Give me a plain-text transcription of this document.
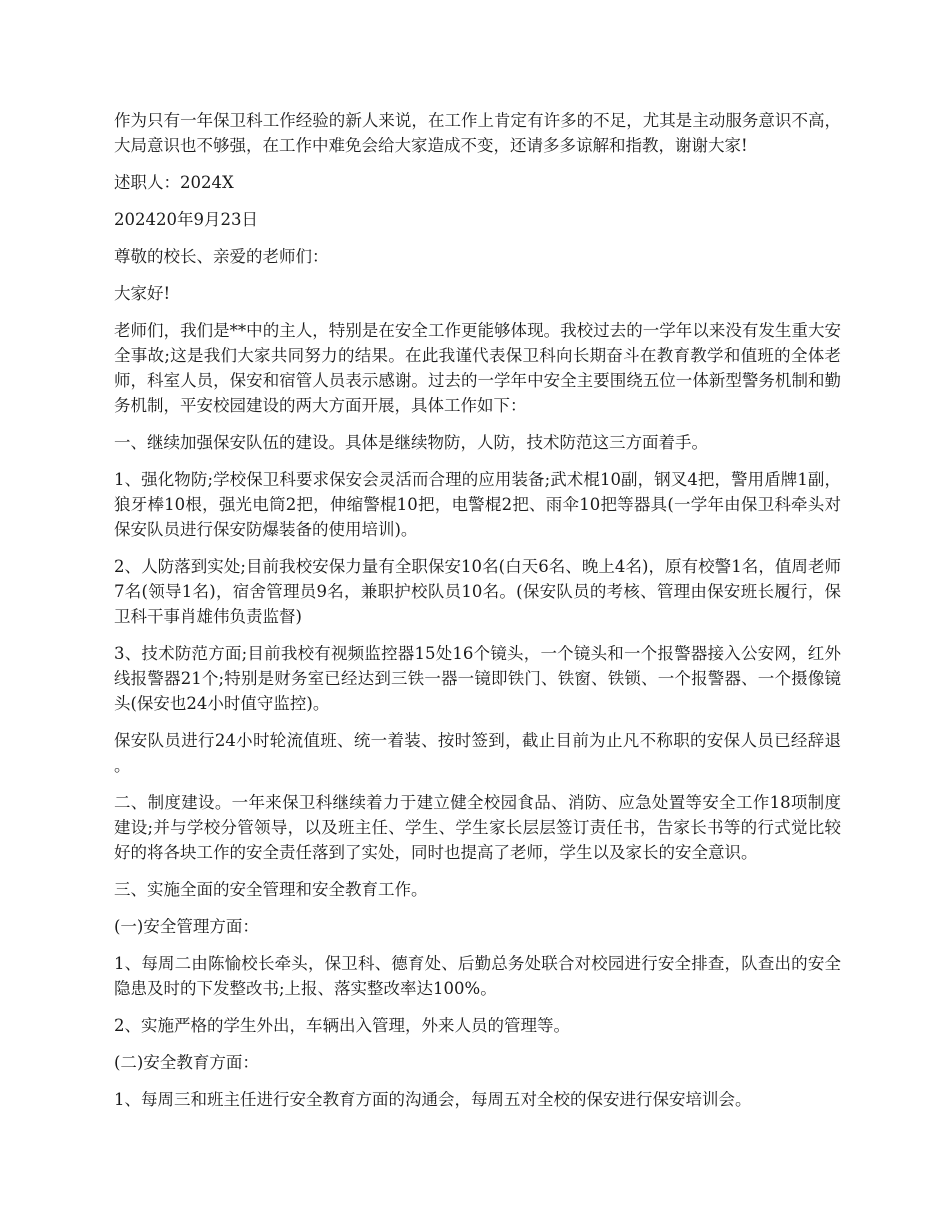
作为只有一年保卫科工作经验的新人来说，在工作上肯定有许多的不足，尤其是主动服务意识不高，大局意识也不够强，在工作中难免会给大家造成不变，还请多多谅解和指教，谢谢大家!

述职人：2024X

202420年9月23日

尊敬的校长、亲爱的老师们：

大家好!

老师们，我们是**中的主人，特别是在安全工作更能够体现。我校过去的一学年以来没有发生重大安全事故;这是我们大家共同努力的结果。在此我谨代表保卫科向长期奋斗在教育教学和值班的全体老师，科室人员，保安和宿管人员表示感谢。过去的一学年中安全主要围绕五位一体新型警务机制和勤务机制，平安校园建设的两大方面开展，具体工作如下：

一、继续加强保安队伍的建设。具体是继续物防，人防，技术防范这三方面着手。

1、强化物防;学校保卫科要求保安会灵活而合理的应用装备;武术棍10副，钢叉4把，警用盾牌1副，狼牙棒10根，强光电筒2把，伸缩警棍10把，电警棍2把、雨伞10把等器具(一学年由保卫科牵头对保安队员进行保安防爆装备的使用培训)。

2、人防落到实处;目前我校安保力量有全职保安10名(白天6名、晚上4名)，原有校警1名，值周老师7名(领导1名)，宿舍管理员9名，兼职护校队员10名。(保安队员的考核、管理由保安班长履行，保卫科干事肖雄伟负责监督)

3、技术防范方面;目前我校有视频监控器15处16个镜头，一个镜头和一个报警器接入公安网，红外线报警器21个;特别是财务室已经达到三铁一器一镜即铁门、铁窗、铁锁、一个报警器、一个摄像镜头(保安也24小时值守监控)。

保安队员进行24小时轮流值班、统一着装、按时签到，截止目前为止凡不称职的安保人员已经辞退。

二、制度建设。一年来保卫科继续着力于建立健全校园食品、消防、应急处置等安全工作18项制度建设;并与学校分管领导，以及班主任、学生、学生家长层层签订责任书，告家长书等的行式觉比较好的将各块工作的安全责任落到了实处，同时也提高了老师，学生以及家长的安全意识。

三、实施全面的安全管理和安全教育工作。

(一)安全管理方面：

1、每周二由陈愉校长牵头，保卫科、德育处、后勤总务处联合对校园进行安全排查，队查出的安全隐患及时的下发整改书;上报、落实整改率达100%。

2、实施严格的学生外出，车辆出入管理，外来人员的管理等。

(二)安全教育方面：

1、每周三和班主任进行安全教育方面的沟通会，每周五对全校的保安进行保安培训会。
